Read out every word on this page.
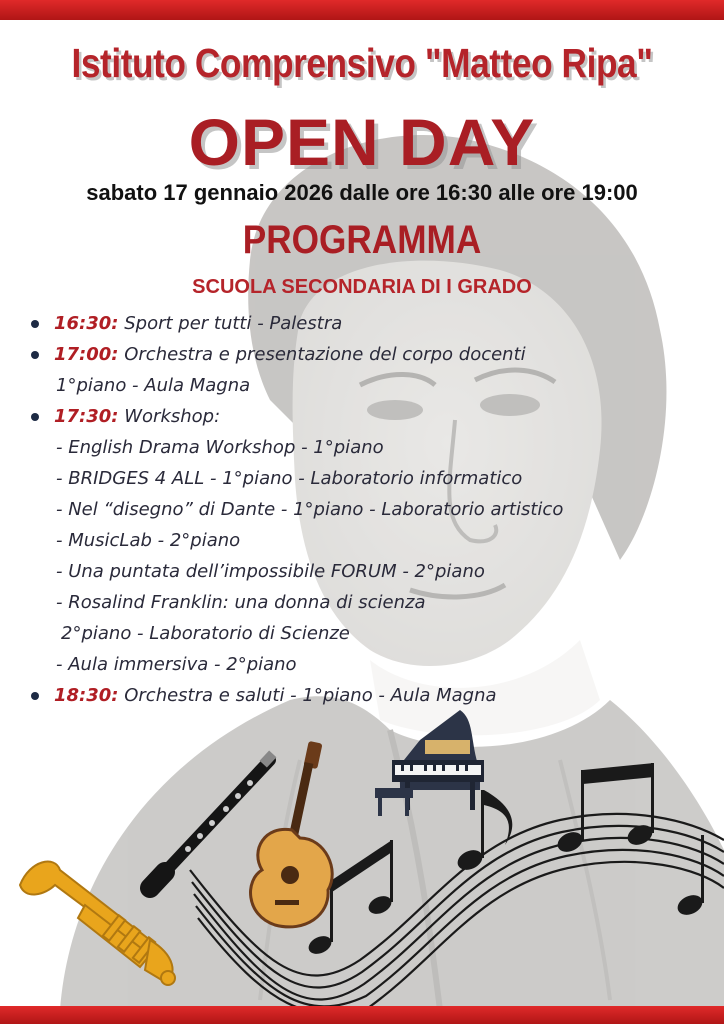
Istituto Comprensivo "Matteo Ripa"
OPEN DAY
sabato 17 gennaio 2026 dalle ore 16:30 alle ore 19:00
PROGRAMMA
SCUOLA SECONDARIA DI I GRADO
16:30: Sport per tutti - Palestra
17:00: Orchestra e presentazione del corpo docenti
1°piano - Aula Magna
17:30: Workshop:
- English Drama Workshop - 1°piano
- BRIDGES 4 ALL - 1°piano - Laboratorio informatico
- Nel “disegno” di Dante - 1°piano - Laboratorio artistico
- MusicLab - 2°piano
- Una puntata dell’impossibile FORUM - 2°piano
- Rosalind Franklin: una donna di scienza
2°piano - Laboratorio di Scienze
- Aula immersiva - 2°piano
18:30: Orchestra e saluti - 1°piano - Aula Magna
